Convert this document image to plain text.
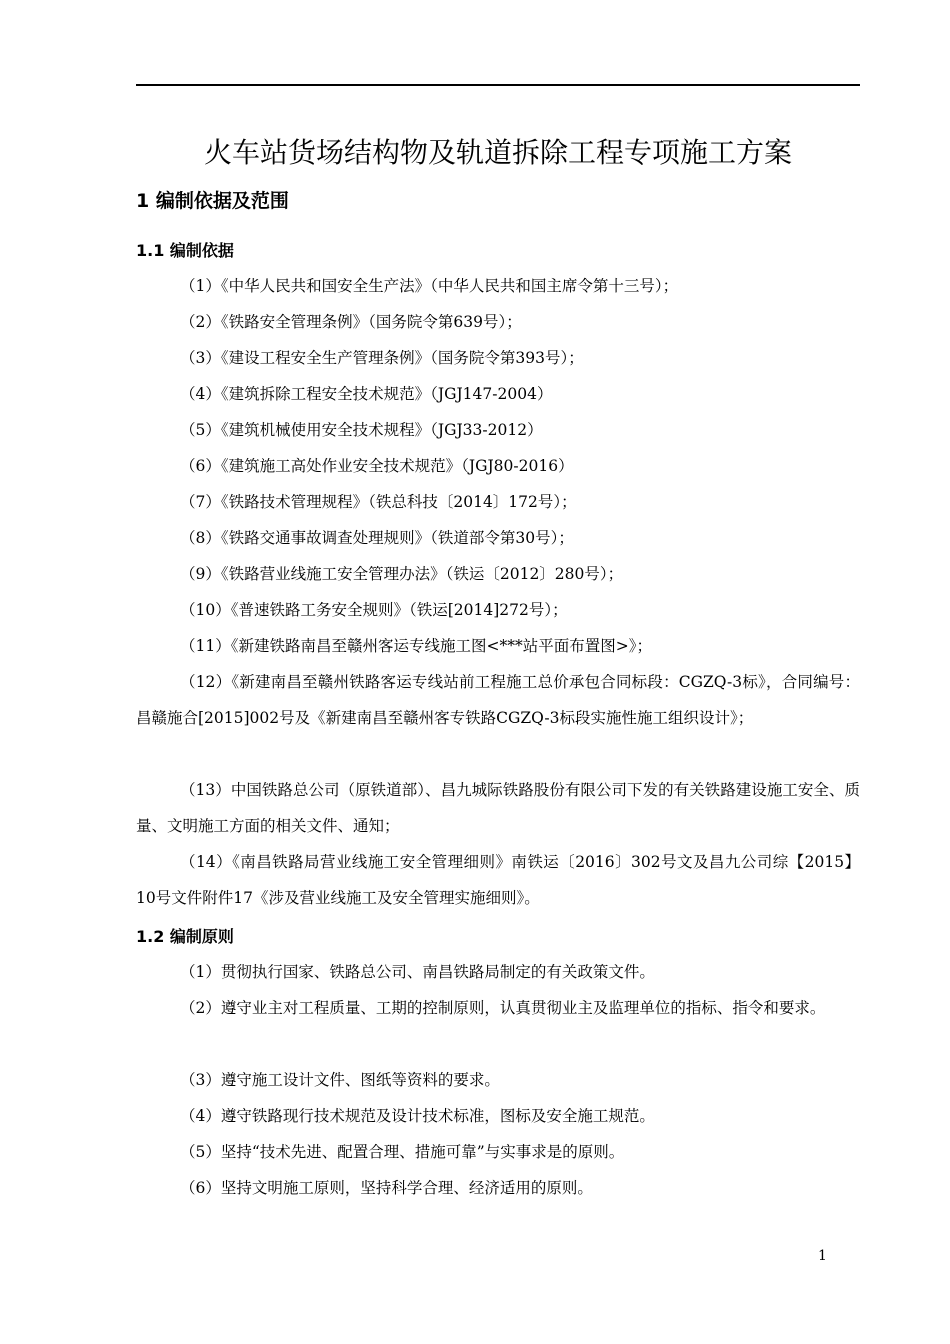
火车站货场结构物及轨道拆除工程专项施工方案
1 编制依据及范围
1.1 编制依据

（1）《中华人民共和国安全生产法》（中华人民共和国主席令第十三号）；

（2）《铁路安全管理条例》（国务院令第639号）；

（3）《建设工程安全生产管理条例》（国务院令第393号）；

（4）《建筑拆除工程安全技术规范》（JGJ147-2004）

（5）《建筑机械使用安全技术规程》（JGJ33-2012）

（6）《建筑施工高处作业安全技术规范》（JGJ80-2016）

（7）《铁路技术管理规程》（铁总科技〔2014〕172号）；

（8）《铁路交通事故调查处理规则》（铁道部令第30号）；

（9）《铁路营业线施工安全管理办法》（铁运〔2012〕280号）；

（10）《普速铁路工务安全规则》（铁运[2014]272号）；

（11）《新建铁路南昌至赣州客运专线施工图<***站平面布置图>》；

（12）《新建南昌至赣州铁路客运专线站前工程施工总价承包合同标段：CGZQ-3标》，合同编号：昌赣施合[2015]002号及《新建南昌至赣州客专铁路CGZQ-3标段实施性施工组织设计》；

（13）中国铁路总公司（原铁道部）、昌九城际铁路股份有限公司下发的有关铁路建设施工安全、质量、文明施工方面的相关文件、通知；

（14）《南昌铁路局营业线施工安全管理细则》南铁运〔2016〕302号文及昌九公司综【2015】10号文件附件17《涉及营业线施工及安全管理实施细则》。

1.2 编制原则

（1）贯彻执行国家、铁路总公司、南昌铁路局制定的有关政策文件。

（2）遵守业主对工程质量、工期的控制原则，认真贯彻业主及监理单位的指标、指令和要求。

（3）遵守施工设计文件、图纸等资料的要求。

（4）遵守铁路现行技术规范及设计技术标准，图标及安全施工规范。

（5）坚持“技术先进、配置合理、措施可靠”与实事求是的原则。

（6）坚持文明施工原则，坚持科学合理、经济适用的原则。

1
